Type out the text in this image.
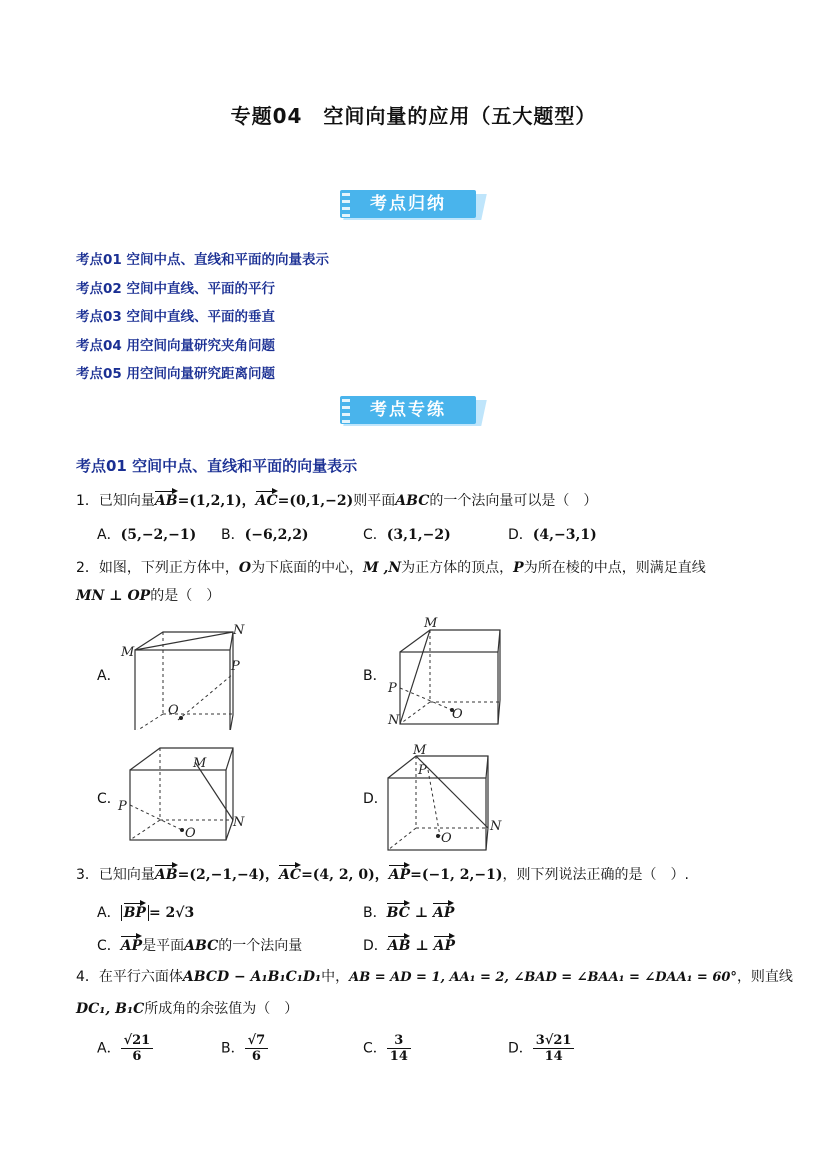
专题04　空间向量的应用（五大题型）
考点归纳
考点01 空间中点、直线和平面的向量表示
考点02 空间中直线、平面的平行
考点03 空间中直线、平面的垂直
考点04 用空间向量研究夹角问题
考点05 用空间向量研究距离问题
考点专练
考点01 空间中点、直线和平面的向量表示
1．已知向量AB=(1,2,1)，AC=(0,1,−2)则平面ABC的一个法向量可以是（　）
A．(5,−2,−1) B．(−6,2,2)	C．(3,1,−2)	D．(4,−3,1)
2．如图，下列正方体中，O为下底面的中心，M ,N为正方体的顶点，P为所在棱的中点，则满足直线
MN ⊥ OP的是（　）
A．
M
N
P
O
B．
M
P
N	O
C．
M
P
N
O
D．
M
P
N
O
3．已知向量AB=(2,−1,−4)，AC=(4, 2, 0)，AP=(−1, 2,−1)，则下列说法正确的是（　）.
A． BP = 2√3	B．BC ⊥ AP
C．AP是平面ABC的一个法向量	D．AB ⊥ AP
4．在平行六面体ABCD − A₁B₁C₁D₁中，AB = AD = 1, AA₁ = 2, ∠BAD = ∠BAA₁ = ∠DAA₁ = 60°，则直线
DC₁, B₁C所成角的余弦值为（　）
A． $\frac{√21}{6}$	B． $\frac{√7}{6}$	C． $\frac{3}{14}$	D． $\frac{3√21}{14}$
